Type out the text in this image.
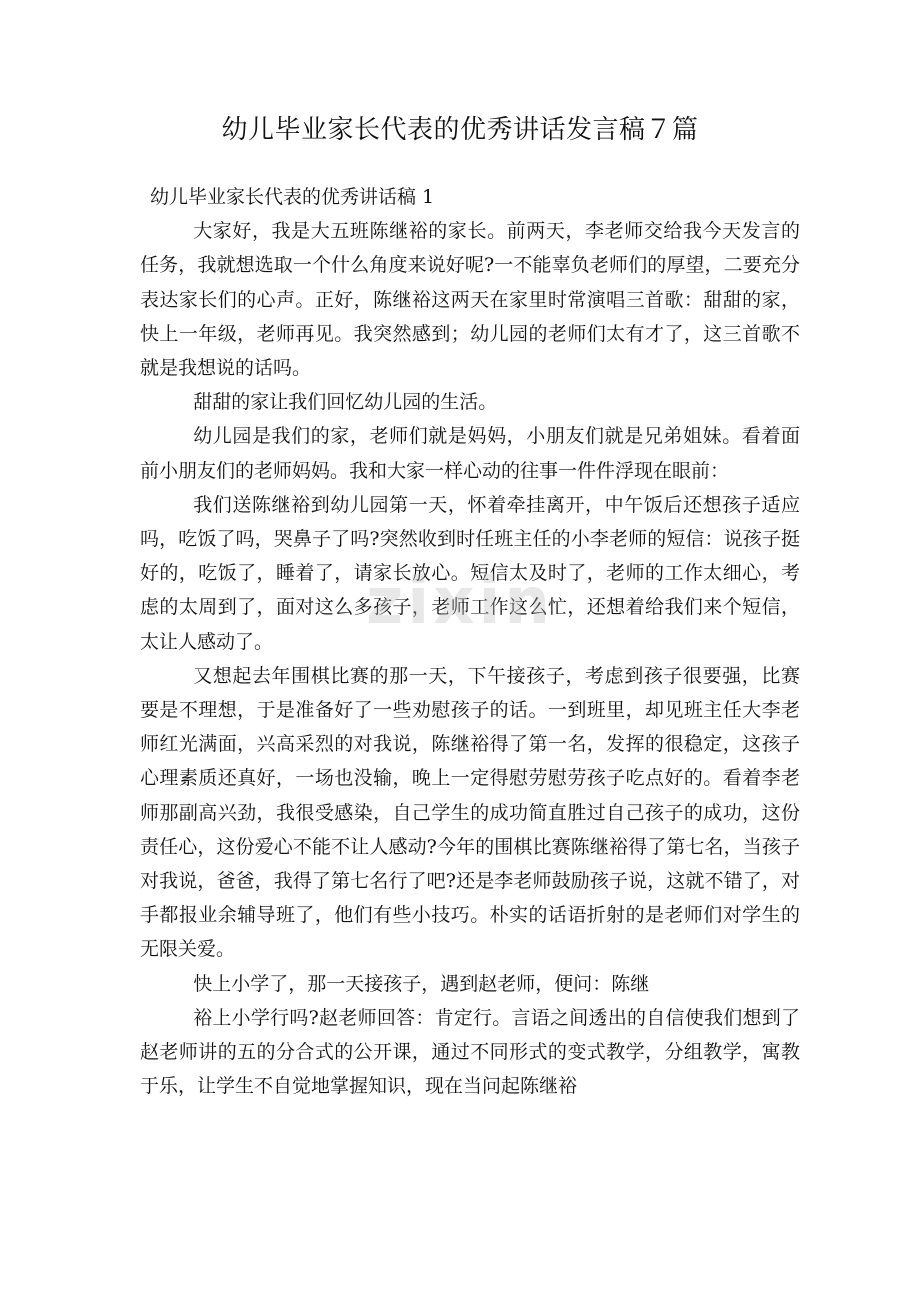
幼儿毕业家长代表的优秀讲话发言稿７篇

幼儿毕业家长代表的优秀讲话稿 1

大家好，我是大五班陈继裕的家长。前两天，李老师交给我今天发言的任务，我就想选取一个什么角度来说好呢?一不能辜负老师们的厚望，二要充分表达家长们的心声。正好，陈继裕这两天在家里时常演唱三首歌：甜甜的家，快上一年级，老师再见。我突然感到；幼儿园的老师们太有才了，这三首歌不就是我想说的话吗。

甜甜的家让我们回忆幼儿园的生活。

幼儿园是我们的家，老师们就是妈妈，小朋友们就是兄弟姐妹。看着面前小朋友们的老师妈妈。我和大家一样心动的往事一件件浮现在眼前：

我们送陈继裕到幼儿园第一天，怀着牵挂离开，中午饭后还想孩子适应吗，吃饭了吗，哭鼻子了吗?突然收到时任班主任的小李老师的短信：说孩子挺好的，吃饭了，睡着了，请家长放心。短信太及时了，老师的工作太细心，考虑的太周到了，面对这么多孩子，老师工作这么忙，还想着给我们来个短信，太让人感动了。

又想起去年围棋比赛的那一天，下午接孩子，考虑到孩子很要强，比赛要是不理想，于是准备好了一些劝慰孩子的话。一到班里，却见班主任大李老师红光满面，兴高采烈的对我说，陈继裕得了第一名，发挥的很稳定，这孩子心理素质还真好，一场也没输，晚上一定得慰劳慰劳孩子吃点好的。看着李老师那副高兴劲，我很受感染，自己学生的成功简直胜过自己孩子的成功，这份责任心，这份爱心不能不让人感动?今年的围棋比赛陈继裕得了第七名，当孩子对我说，爸爸，我得了第七名行了吧?还是李老师鼓励孩子说，这就不错了，对手都报业余辅导班了，他们有些小技巧。朴实的话语折射的是老师们对学生的无限关爱。

快上小学了，那一天接孩子，遇到赵老师，便问：陈继

裕上小学行吗?赵老师回答：肯定行。言语之间透出的自信使我们想到了赵老师讲的五的分合式的公开课，通过不同形式的变式教学，分组教学，寓教于乐，让学生不自觉地掌握知识，现在当问起陈继裕

zixin
